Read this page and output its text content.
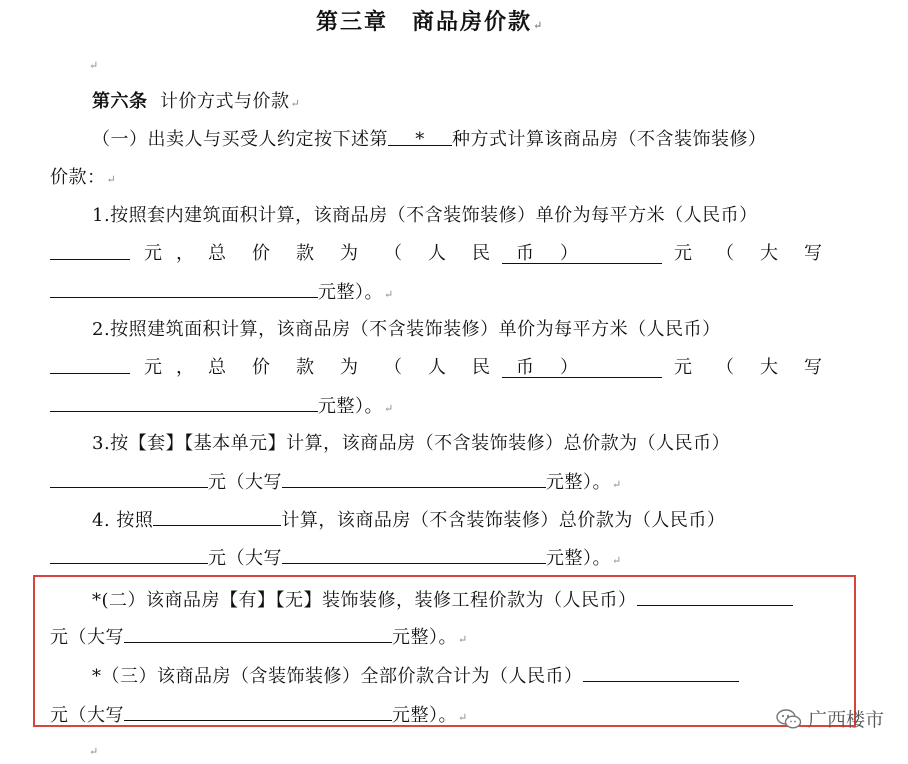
第三章　商品房价款↵
↵
第六条 计价方式与价款↵
（一）出卖人与买受人约定按下述第 * 种方式计算该商品房（不含装饰装修）
价款：↵
1.按照套内建筑面积计算，该商品房（不含装饰装修）单价为每平方米（人民币）
元 ， 总价款为（人民币）	元 （大写
元整）。↵
2.按照建筑面积计算，该商品房（不含装饰装修）单价为每平方米（人民币）
元 ， 总价款为（人民币）	元 （大写
元整）。↵
3.按【套】【基本单元】计算，该商品房（不含装饰装修）总价款为（人民币）
元（大写	元整）。↵
4. 按照	计算，该商品房（不含装饰装修）总价款为（人民币）
元（大写	元整）。↵
*(二）该商品房【有】【无】装饰装修，装修工程价款为（人民币）
元（大写	元整）。↵
*（三）该商品房（含装饰装修）全部价款合计为（人民币）
元（大写	元整）。↵
↵
广西楼市
